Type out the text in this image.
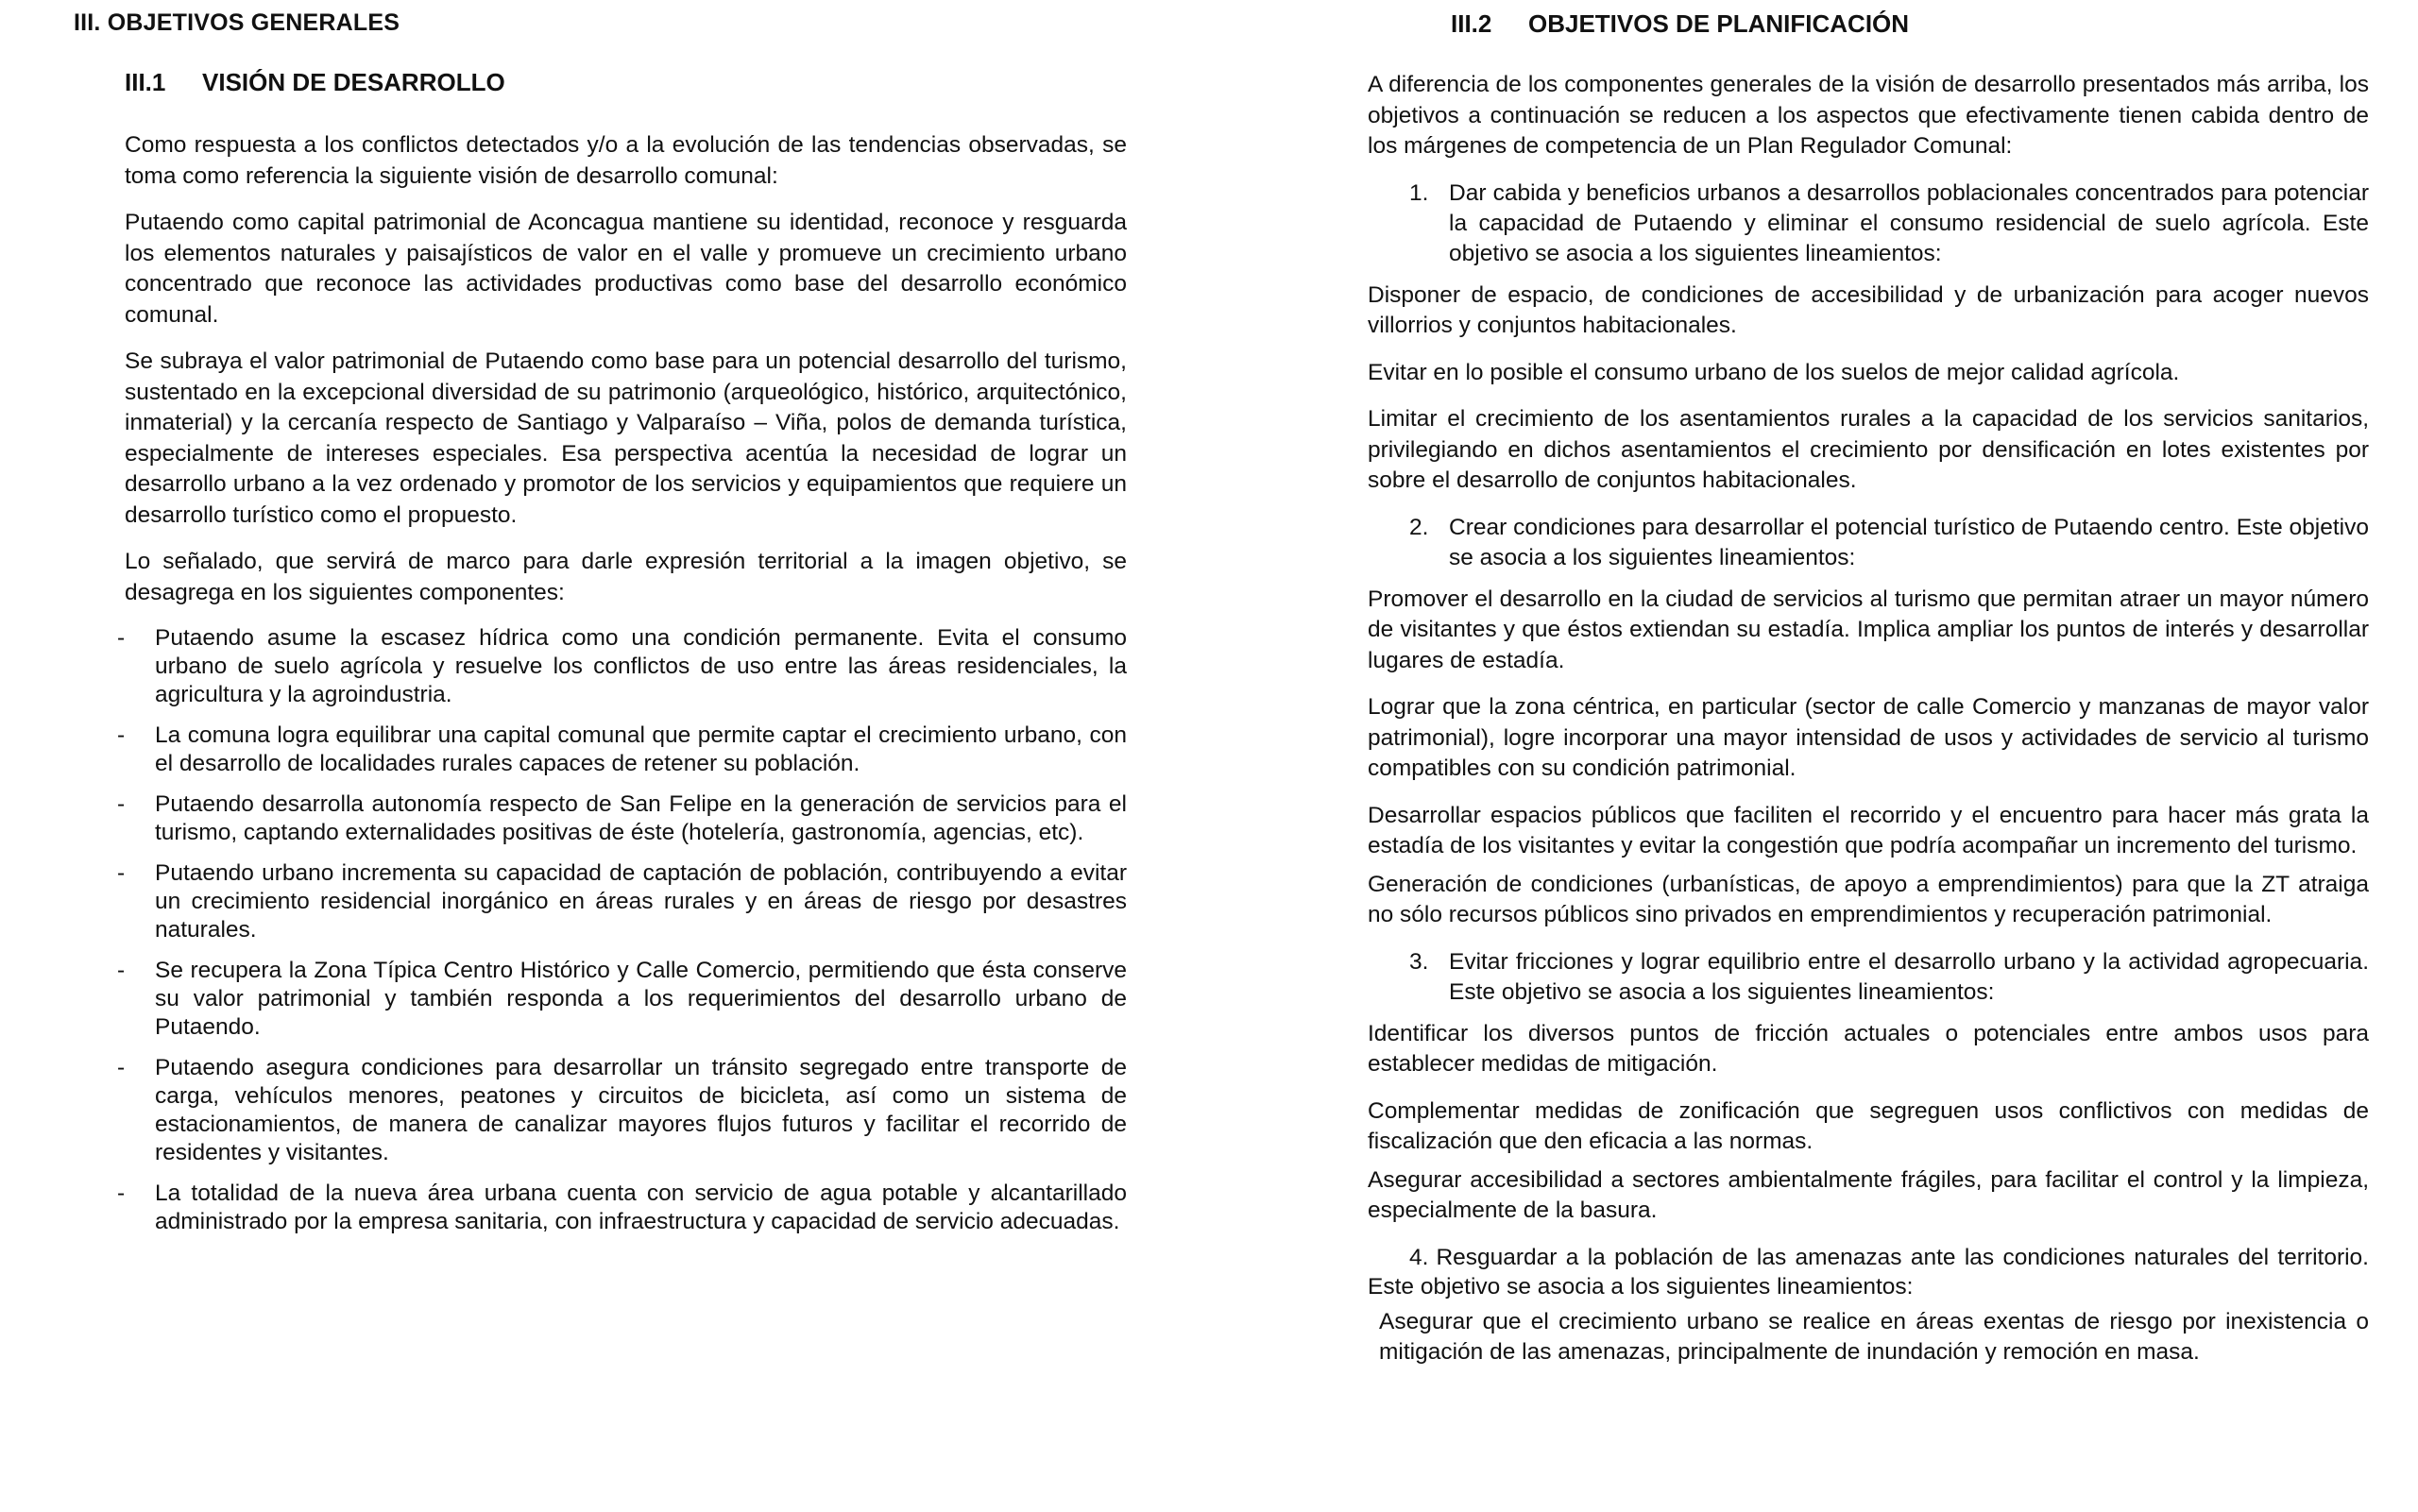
III. OBJETIVOS GENERALES
III.1 VISIÓN DE DESARROLLO

Como respuesta a los conflictos detectados y/o a la evolución de las tendencias observadas, se toma como referencia la siguiente visión de desarrollo comunal:

Putaendo como capital patrimonial de Aconcagua mantiene su identidad, reconoce y resguarda los elementos naturales y paisajísticos de valor en el valle y promueve un crecimiento urbano concentrado que reconoce las actividades productivas como base del desarrollo económico comunal.

Se subraya el valor patrimonial de Putaendo como base para un potencial desarrollo del turismo, sustentado en la excepcional diversidad de su patrimonio (arqueológico, histórico, arquitectónico, inmaterial) y la cercanía respecto de Santiago y Valparaíso – Viña, polos de demanda turística, especialmente de intereses especiales. Esa perspectiva acentúa la necesidad de lograr un desarrollo urbano a la vez ordenado y promotor de los servicios y equipamientos que requiere un desarrollo turístico como el propuesto.

Lo señalado, que servirá de marco para darle expresión territorial a la imagen objetivo, se desagrega en los siguientes componentes:

- Putaendo asume la escasez hídrica como una condición permanente. Evita el consumo urbano de suelo agrícola y resuelve los conflictos de uso entre las áreas residenciales, la agricultura y la agroindustria.
- La comuna logra equilibrar una capital comunal que permite captar el crecimiento urbano, con el desarrollo de localidades rurales capaces de retener su población.
- Putaendo desarrolla autonomía respecto de San Felipe en la generación de servicios para el turismo, captando externalidades positivas de éste (hotelería, gastronomía, agencias, etc).
- Putaendo urbano incrementa su capacidad de captación de población, contribuyendo a evitar un crecimiento residencial inorgánico en áreas rurales y en áreas de riesgo por desastres naturales.
- Se recupera la Zona Típica Centro Histórico y Calle Comercio, permitiendo que ésta conserve su valor patrimonial y también responda a los requerimientos del desarrollo urbano de Putaendo.
- Putaendo asegura condiciones para desarrollar un tránsito segregado entre transporte de carga, vehículos menores, peatones y circuitos de bicicleta, así como un sistema de estacionamientos, de manera de canalizar mayores flujos futuros y facilitar el recorrido de residentes y visitantes.
- La totalidad de la nueva área urbana cuenta con servicio de agua potable y alcantarillado administrado por la empresa sanitaria, con infraestructura y capacidad de servicio adecuadas.
III.2 OBJETIVOS DE PLANIFICACIÓN

A diferencia de los componentes generales de la visión de desarrollo presentados más arriba, los objetivos a continuación se reducen a los aspectos que efectivamente tienen cabida dentro de los márgenes de competencia de un Plan Regulador Comunal:

1. Dar cabida y beneficios urbanos a desarrollos poblacionales concentrados para potenciar la capacidad de Putaendo y eliminar el consumo residencial de suelo agrícola. Este objetivo se asocia a los siguientes lineamientos:

Disponer de espacio, de condiciones de accesibilidad y de urbanización para acoger nuevos villorrios y conjuntos habitacionales.

Evitar en lo posible el consumo urbano de los suelos de mejor calidad agrícola.

Limitar el crecimiento de los asentamientos rurales a la capacidad de los servicios sanitarios, privilegiando en dichos asentamientos el crecimiento por densificación en lotes existentes por sobre el desarrollo de conjuntos habitacionales.

2. Crear condiciones para desarrollar el potencial turístico de Putaendo centro. Este objetivo se asocia a los siguientes lineamientos:

Promover el desarrollo en la ciudad de servicios al turismo que permitan atraer un mayor número de visitantes y que éstos extiendan su estadía. Implica ampliar los puntos de interés y desarrollar lugares de estadía.

Lograr que la zona céntrica, en particular (sector de calle Comercio y manzanas de mayor valor patrimonial), logre incorporar una mayor intensidad de usos y actividades de servicio al turismo compatibles con su condición patrimonial.

Desarrollar espacios públicos que faciliten el recorrido y el encuentro para hacer más grata la estadía de los visitantes y evitar la congestión que podría acompañar un incremento del turismo.

Generación de condiciones (urbanísticas, de apoyo a emprendimientos) para que la ZT atraiga no sólo recursos públicos sino privados en emprendimientos y recuperación patrimonial.

3. Evitar fricciones y lograr equilibrio entre el desarrollo urbano y la actividad agropecuaria. Este objetivo se asocia a los siguientes lineamientos:

Identificar los diversos puntos de fricción actuales o potenciales entre ambos usos para establecer medidas de mitigación.

Complementar medidas de zonificación que segreguen usos conflictivos con medidas de fiscalización que den eficacia a las normas.

Asegurar accesibilidad a sectores ambientalmente frágiles, para facilitar el control y la limpieza, especialmente de la basura.

4. Resguardar a la población de las amenazas ante las condiciones naturales del territorio. Este objetivo se asocia a los siguientes lineamientos:

Asegurar que el crecimiento urbano se realice en áreas exentas de riesgo por inexistencia o mitigación de las amenazas, principalmente de inundación y remoción en masa.
